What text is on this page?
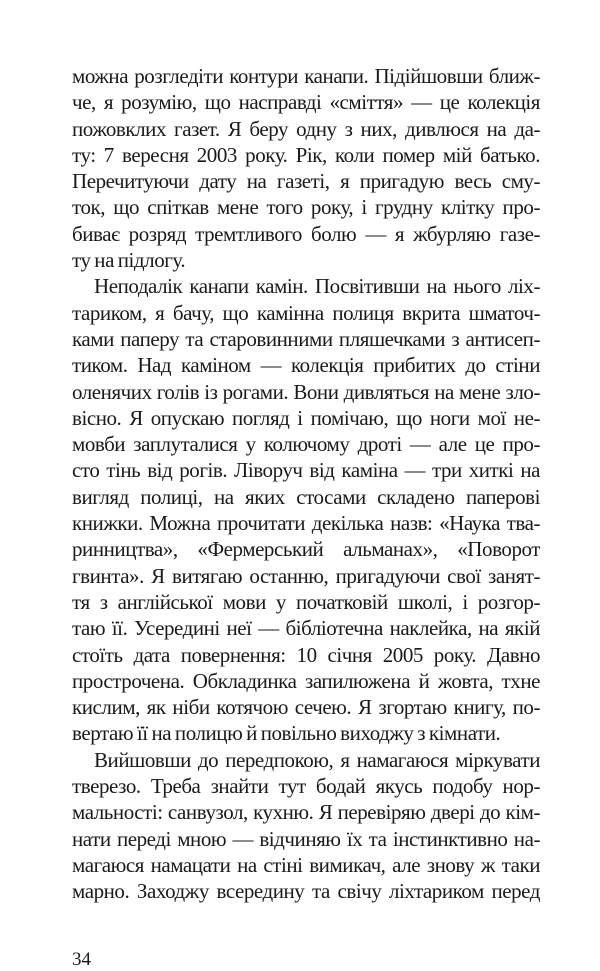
можна розгледіти контури канапи. Підійшовши ближ-
че, я розумію, що насправді «сміття» — це колекція
пожовклих газет. Я беру одну з них, дивлюся на да-
ту: 7 вересня 2003 року. Рік, коли помер мій батько.
Перечитуючи дату на газеті, я пригадую весь сму-
ток, що спіткав мене того року, і грудну клітку про-
биває розряд тремтливого болю — я жбурляю газе-
ту на підлогу.
Неподалік канапи камін. Посвітивши на нього ліх-
тариком, я бачу, що камінна полиця вкрита шматоч-
ками паперу та старовинними пляшечками з антисеп-
тиком. Над каміном — колекція прибитих до стіни
оленячих голів із рогами. Вони дивляться на мене зло-
вісно. Я опускаю погляд і помічаю, що ноги мої не-
мовби заплуталися у колючому дроті — але це про-
сто тінь від рогів. Ліворуч від каміна — три хиткі на
вигляд полиці, на яких стосами складено паперові
книжки. Можна прочитати декілька назв: «Наука тва-
ринництва», «Фермерський альманах», «Поворот
гвинта». Я витягаю останню, пригадуючи свої занят-
тя з англійської мови у початковій школі, і розгор-
таю її. Усередині неї — бібліотечна наклейка, на якій
стоїть дата повернення: 10 січня 2005 року. Давно
прострочена. Обкладинка запилюжена й жовта, тхне
кислим, як ніби котячою сечею. Я згортаю книгу, по-
вертаю її на полицю й повільно виходжу з кімнати.
Вийшовши до передпокою, я намагаюся міркувати
тверезо. Треба знайти тут бодай якусь подобу нор-
мальності: санвузол, кухню. Я перевіряю двері до кім-
нати переді мною — відчиняю їх та інстинктивно на-
магаюся намацати на стіні вимикач, але знову ж таки
марно. Заходжу всередину та свічу ліхтариком перед
34
